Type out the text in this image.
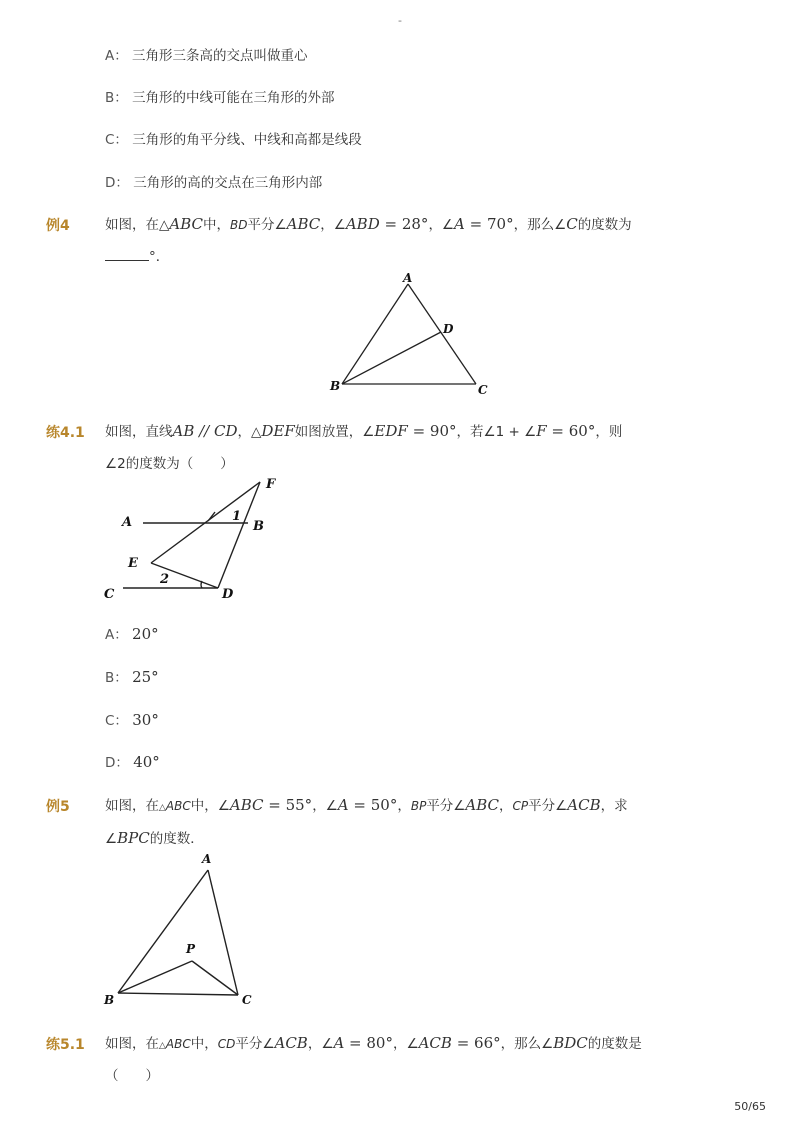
-
A： 三角形三条高的交点叫做重心
B： 三角形的中线可能在三角形的外部
C： 三角形的角平分线、中线和高都是线段
D： 三角形的高的交点在三角形内部
例4	如图，在△ABC中，BD平分∠ABC，∠ABD = 28°，∠A = 70°，那么∠C的度数为
°．
A
D
B	C
练4.1 如图，直线AB // CD，△DEF如图放置，∠EDF = 90°，若∠1 + ∠F = 60°，则
∠2的度数为（　　）
F
A	1
B
E
2
C	D
A： 20°
B： 25°
C： 30°
D： 40°
例5	如图，在△ABC中，∠ABC = 55°，∠A = 50°，BP平分∠ABC，CP平分∠ACB，求
∠BPC的度数．
A
P
B	C
练5.1 如图，在△ABC中，CD平分∠ACB，∠A = 80°，∠ACB = 66°，那么∠BDC的度数是
（　　）
50/65
